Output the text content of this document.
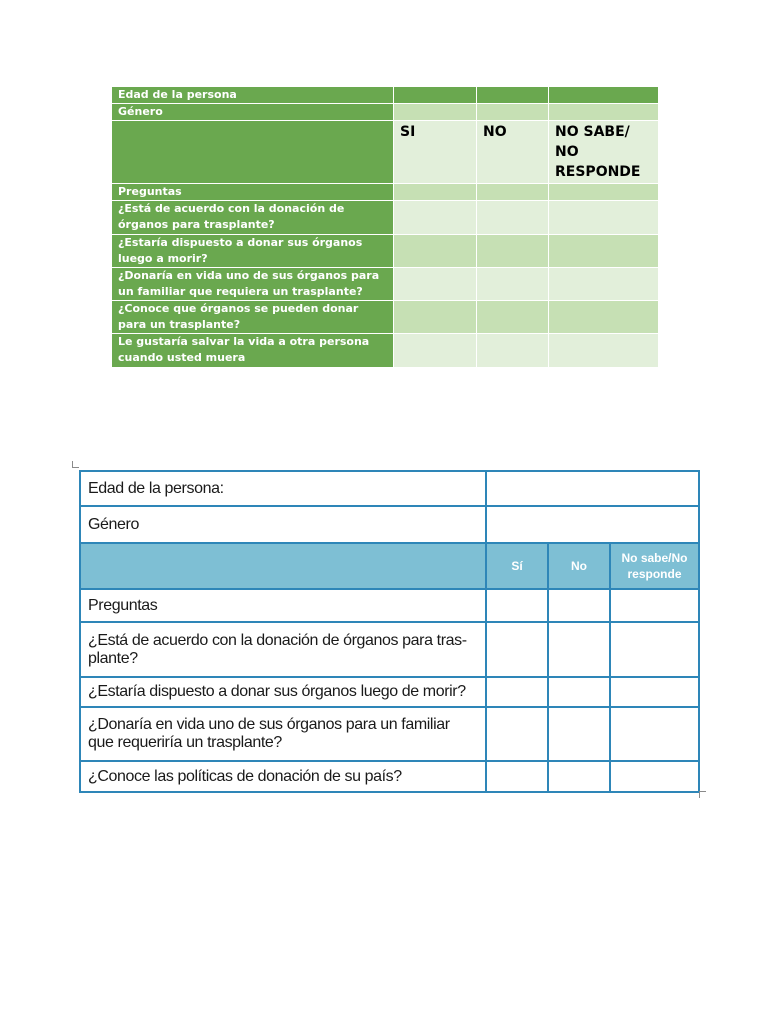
Edad de la persona			
Género			
	SI	NO	NO SABE/ NO RESPONDE
Preguntas			
¿Está de acuerdo con la donación de órganos para trasplante?			
¿Estaría dispuesto a donar sus órganos luego a morir?			
¿Donaría en vida uno de sus órganos para un familiar que requiera un trasplante?			
¿Conoce que órganos se pueden donar para un trasplante?			
Le gustaría salvar la vida a otra persona cuando usted muera			
Edad de la persona:			
Género			
	Sí	No	No sabe/No responde
Preguntas			
¿Está de acuerdo con la donación de órganos para tras-plante?			
¿Estaría dispuesto a donar sus órganos luego de morir?			
¿Donaría en vida uno de sus órganos para un familiar que requeriría un trasplante?			
¿Conoce las políticas de donación de su país?			
